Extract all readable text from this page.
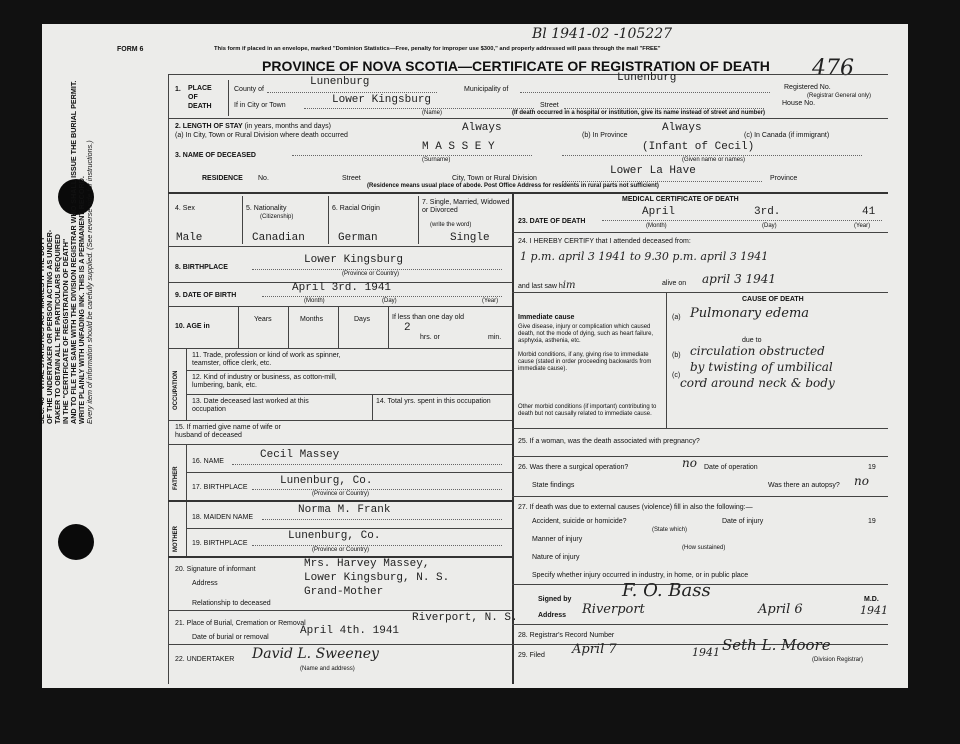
SEC. 46—VITAL STATISTICS ACT MAKES IT THE DUTY OF THE UNDERTAKER OR PERSON ACTING AS UNDER- TAKER TO OBTAIN ALL THE PARTICULARS REQUIRED IN THE "CERTIFICATE OF REGISTRATION OF DEATH" AND TO FILE THE SAME WITH THE DIVISION REGISTRAR WHO SHALL ISSUE THE BURIAL PERMIT. WRITE PLAINLY WITH UNFADING INK. THIS IS A PERMANENT RECORD. Every item of information should be carefully supplied. (See reverse side for instructions.)
FORM 6	This form if placed in an envelope, marked "Dominion Statistics—Free, penalty for improper use $300," and properly addressed will pass through the mail "FREE"
Bl 1941-02 -105227
476
PROVINCE OF NOVA SCOTIA—CERTIFICATE OF REGISTRATION OF DEATH
1. PLACE OF DEATH
County of
Lunenburg
Municipality of
Lunenburg
Registered No.
(Registrar General only)
If in City or Town	Lower Kingsburg
(Name)
Street	House No.
(If death occurred in a hospital or institution, give its name instead of street and number)
2. LENGTH OF STAY (in years, months and days)
(a) In City, Town or Rural Division where death occurred
Always
(b) In Province
Always
(c) In Canada (if immigrant)
3. NAME OF DECEASED
M A S S E Y
(Surname)
(Infant of Cecil)
(Given name or names)
RESIDENCE No.	Street	City, Town or Rural Division
Lower La Have
Province
(Residence means usual place of abode. Post Office Address for residents in rural parts not sufficient)
4. Sex	5. Nationality
(Citizenship)
6. Racial Origin
7. Single, Married, Widowed or Divorced
(write the word)
Male	Canadian	German	Single
8. BIRTHPLACE
Lower Kingsburg
(Province or Country)
9. DATE OF BIRTH
April 3rd. 1941
(Month)	(Day)	(Year)
10. AGE in
Years	Months	Days	If less than one day old
2
hrs. or	min.
OCCUPATION
11. Trade, profession or kind of work as spinner, teamster, office clerk, etc.
12. Kind of industry or business, as cotton-mill, lumbering, bank, etc.
13. Date deceased last worked at this occupation
14. Total yrs. spent in this occupation
15. If married give name of wife or husband of deceased
FATHER
MOTHER
16. NAME
Cecil Massey
17. BIRTHPLACE
Lunenburg, Co.
(Province or Country)
18. MAIDEN NAME
Norma M. Frank
19. BIRTHPLACE
Lunenburg, Co.
(Province or Country)
20. Signature of informant	Mrs. Harvey Massey,
Address	Lower Kingsburg, N. S.
Grand-Mother
Relationship to deceased
21. Place of Burial, Cremation or Removal	Riverport, N. S.
Date of burial or removal
April 4th. 1941
22. UNDERTAKER David L. Sweeney
(Name and address)
MEDICAL CERTIFICATE OF DEATH
23. DATE OF DEATH
April	3rd.	41
(Month)	(Day)	(Year)
24. I HEREBY CERTIFY that I attended deceased from:
1 p.m. april 3 1941 to 9.30 p.m. april 3 1941
and last saw him	alive on april 3 1941
CAUSE OF DEATH
Immediate cause
Give disease, injury or complication which caused death, not the mode of dying, such as heart failure, asphyxia, asthenia, etc.
(a) Pulmonary edema
due to
Morbid conditions, if any, giving rise to immediate cause (stated in order proceeding backwards from immediate cause).
(b) circulation obstructed
(c)
by twisting of umbilical
cord around neck & body
Other morbid conditions (if important) contributing to death but not causally related to immediate cause.
25. If a woman, was the death associated with pregnancy?
26. Was there a surgical operation?	no Date of operation	19
State findings	Was there an autopsy? no
27. If death was due to external causes (violence) fill in also the following:—
Accident, suicide or homicide?	Date of injury	19
(State which)
Manner of injury
(How sustained)
Nature of injury
Specify whether injury occurred in industry, in home, or in public place
Signed by	F. O. Bass	M.D.
Address Riverport	April 6	1941
28. Registrar's Record Number
29. Filed April 7	1941 Seth L. Moore
(Division Registrar)
